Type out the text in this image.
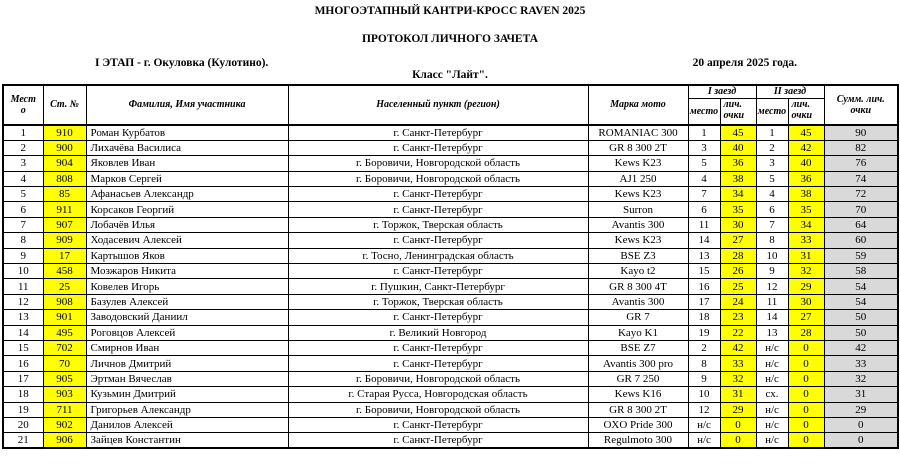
МНОГОЭТАПНЫЙ КАНТРИ-КРОСС RAVEN 2025
ПРОТОКОЛ ЛИЧНОГО ЗАЧЕТА
I ЭТАП - г. Окуловка (Кулотино).	20 апреля 2025 года.
Класс "Лайт".
Место	Ст. №	Фамилия, Имя участника	Населенный пункт (регион)	Марка мото	I заезд		II заезд		Сумм. лич. очки
					место	лич. очки	место	лич. очки	
1	910	Роман Курбатов	г. Санкт-Петербург	ROMANIAC 300	1	45	1	45	90
2	900	Лихачёва Василиса	г. Санкт-Петербург	GR 8 300 2T	3	40	2	42	82
3	904	Яковлев Иван	г. Боровичи, Новгородской область	Kews K23	5	36	3	40	76
4	808	Марков Сергей	г. Боровичи, Новгородской область	AJ1 250	4	38	5	36	74
5	85	Афанасьев Александр	г. Санкт-Петербург	Kews K23	7	34	4	38	72
6	911	Корсаков Георгий	г. Санкт-Петербург	Surron	6	35	6	35	70
7	907	Лобачёв Илья	г. Торжок, Тверская область	Avantis 300	11	30	7	34	64
8	909	Ходасевич Алексей	г. Санкт-Петербург	Kews K23	14	27	8	33	60
9	17	Картышов Яков	г. Тосно, Ленинградская область	BSE Z3	13	28	10	31	59
10	458	Мозжаров Никита	г. Санкт-Петербург	Kayo t2	15	26	9	32	58
11	25	Ковелев Игорь	г. Пушкин, Санкт-Петербург	GR 8 300 4T	16	25	12	29	54
12	908	Базулев Алексей	г. Торжок, Тверская область	Avantis 300	17	24	11	30	54
13	901	Заводовский Даниил	г. Санкт-Петербург	GR 7	18	23	14	27	50
14	495	Роговцов Алексей	г. Великий Новгород	Kayo K1	19	22	13	28	50
15	702	Смирнов Иван	г. Санкт-Петербург	BSE Z7	2	42	н/с	0	42
16	70	Личнов Дмитрий	г. Санкт-Петербург	Avantis 300 pro	8	33	н/с	0	33
17	905	Эртман Вячеслав	г. Боровичи, Новгородской область	GR 7 250	9	32	н/с	0	32
18	903	Кузьмин Дмитрий	г. Старая Русса, Новгородская область	Kews K16	10	31	сх.	0	31
19	711	Григорьев Александр	г. Боровичи, Новгородской область	GR 8 300 2T	12	29	н/с	0	29
20	902	Данилов Алексей	г. Санкт-Петербург	OXO Pride 300	н/с	0	н/с	0	0
21	906	Зайцев Константин	г. Санкт-Петербург	Regulmoto 300	н/с	0	н/с	0	0
